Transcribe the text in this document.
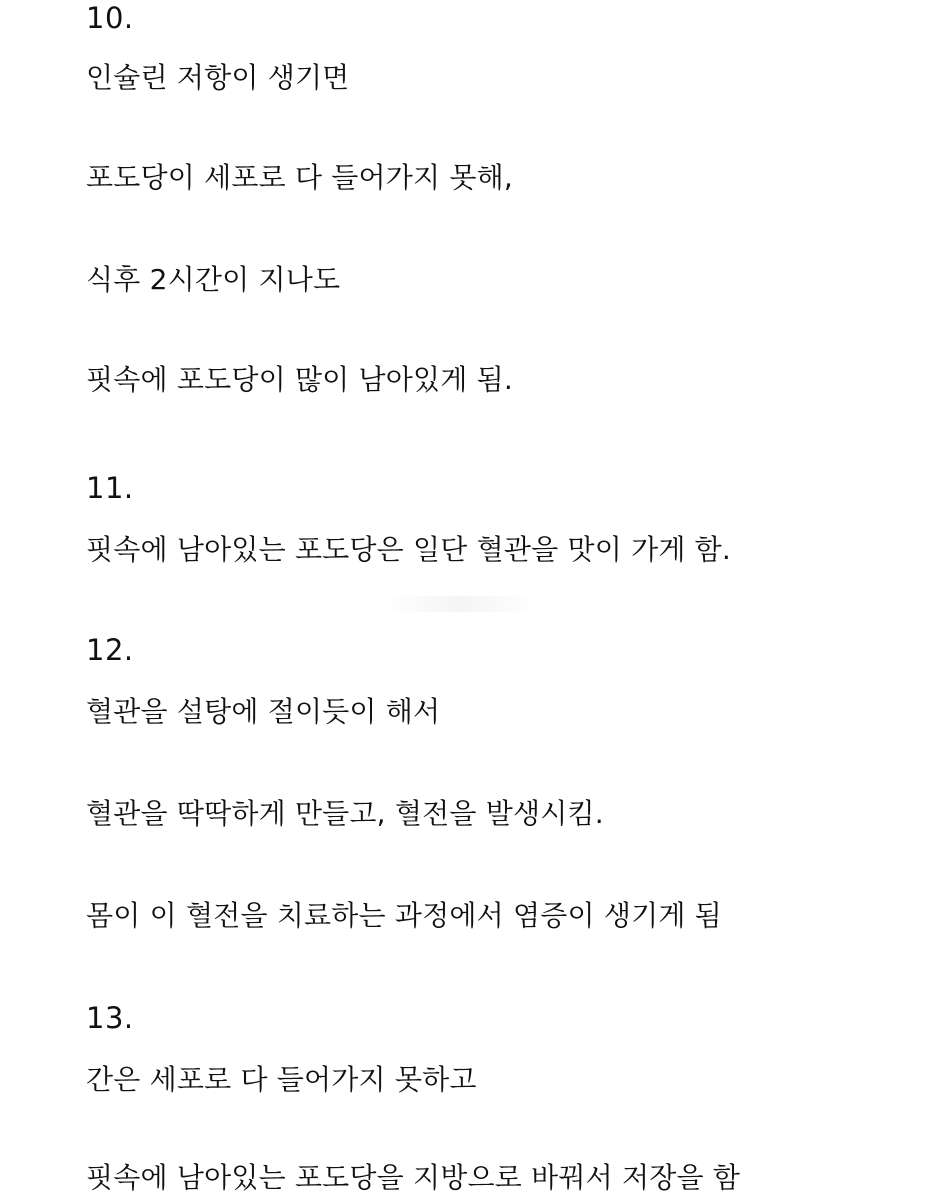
10.

인슐린 저항이 생기면

포도당이 세포로 다 들어가지 못해,

식후 2시간이 지나도

핏속에 포도당이 많이 남아있게 됨.

11.

핏속에 남아있는 포도당은 일단 혈관을 맛이 가게 함.

12.

혈관을 설탕에 절이듯이 해서

혈관을 딱딱하게 만들고, 혈전을 발생시킴.

몸이 이 혈전을 치료하는 과정에서 염증이 생기게 됨

13.

간은 세포로 다 들어가지 못하고

핏속에 남아있는 포도당을 지방으로 바꿔서 저장을 함
